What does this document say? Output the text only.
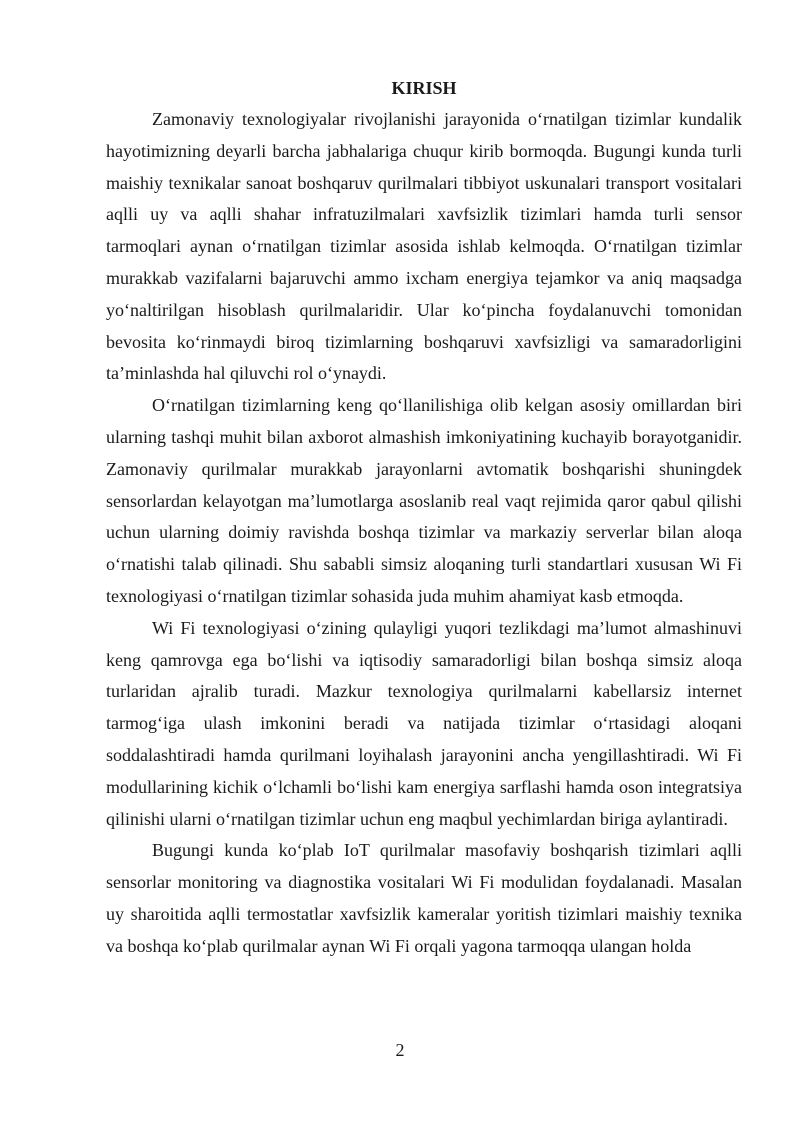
KIRISH

Zamonaviy texnologiyalar rivojlanishi jarayonida o‘rnatilgan tizimlar kundalik hayotimizning deyarli barcha jabhalariga chuqur kirib bormoqda. Bugungi kunda turli maishiy texnikalar sanoat boshqaruv qurilmalari tibbiyot uskunalari transport vositalari aqlli uy va aqlli shahar infratuzilmalari xavfsizlik tizimlari hamda turli sensor tarmoqlari aynan o‘rnatilgan tizimlar asosida ishlab kelmoqda. O‘rnatilgan tizimlar murakkab vazifalarni bajaruvchi ammo ixcham energiya tejamkor va aniq maqsadga yo‘naltirilgan hisoblash qurilmalaridir. Ular ko‘pincha foydalanuvchi tomonidan bevosita ko‘rinmaydi biroq tizimlarning boshqaruvi xavfsizligi va samaradorligini ta’minlashda hal qiluvchi rol o‘ynaydi.

O‘rnatilgan tizimlarning keng qo‘llanilishiga olib kelgan asosiy omillardan biri ularning tashqi muhit bilan axborot almashish imkoniyatining kuchayib borayotganidir. Zamonaviy qurilmalar murakkab jarayonlarni avtomatik boshqarishi shuningdek sensorlardan kelayotgan ma’lumotlarga asoslanib real vaqt rejimida qaror qabul qilishi uchun ularning doimiy ravishda boshqa tizimlar va markaziy serverlar bilan aloqa o‘rnatishi talab qilinadi. Shu sababli simsiz aloqaning turli standartlari xususan Wi Fi texnologiyasi o‘rnatilgan tizimlar sohasida juda muhim ahamiyat kasb etmoqda.

Wi Fi texnologiyasi o‘zining qulayligi yuqori tezlikdagi ma’lumot almashinuvi keng qamrovga ega bo‘lishi va iqtisodiy samaradorligi bilan boshqa simsiz aloqa turlaridan ajralib turadi. Mazkur texnologiya qurilmalarni kabellarsiz internet tarmog‘iga ulash imkonini beradi va natijada tizimlar o‘rtasidagi aloqani soddalashtiradi hamda qurilmani loyihalash jarayonini ancha yengillashtiradi. Wi Fi modullarining kichik o‘lchamli bo‘lishi kam energiya sarflashi hamda oson integratsiya qilinishi ularni o‘rnatilgan tizimlar uchun eng maqbul yechimlardan biriga aylantiradi.

Bugungi kunda ko‘plab IoT qurilmalar masofaviy boshqarish tizimlari aqlli sensorlar monitoring va diagnostika vositalari Wi Fi modulidan foydalanadi. Masalan uy sharoitida aqlli termostatlar xavfsizlik kameralar yoritish tizimlari maishiy texnika va boshqa ko‘plab qurilmalar aynan Wi Fi orqali yagona tarmoqqa ulangan holda

2
